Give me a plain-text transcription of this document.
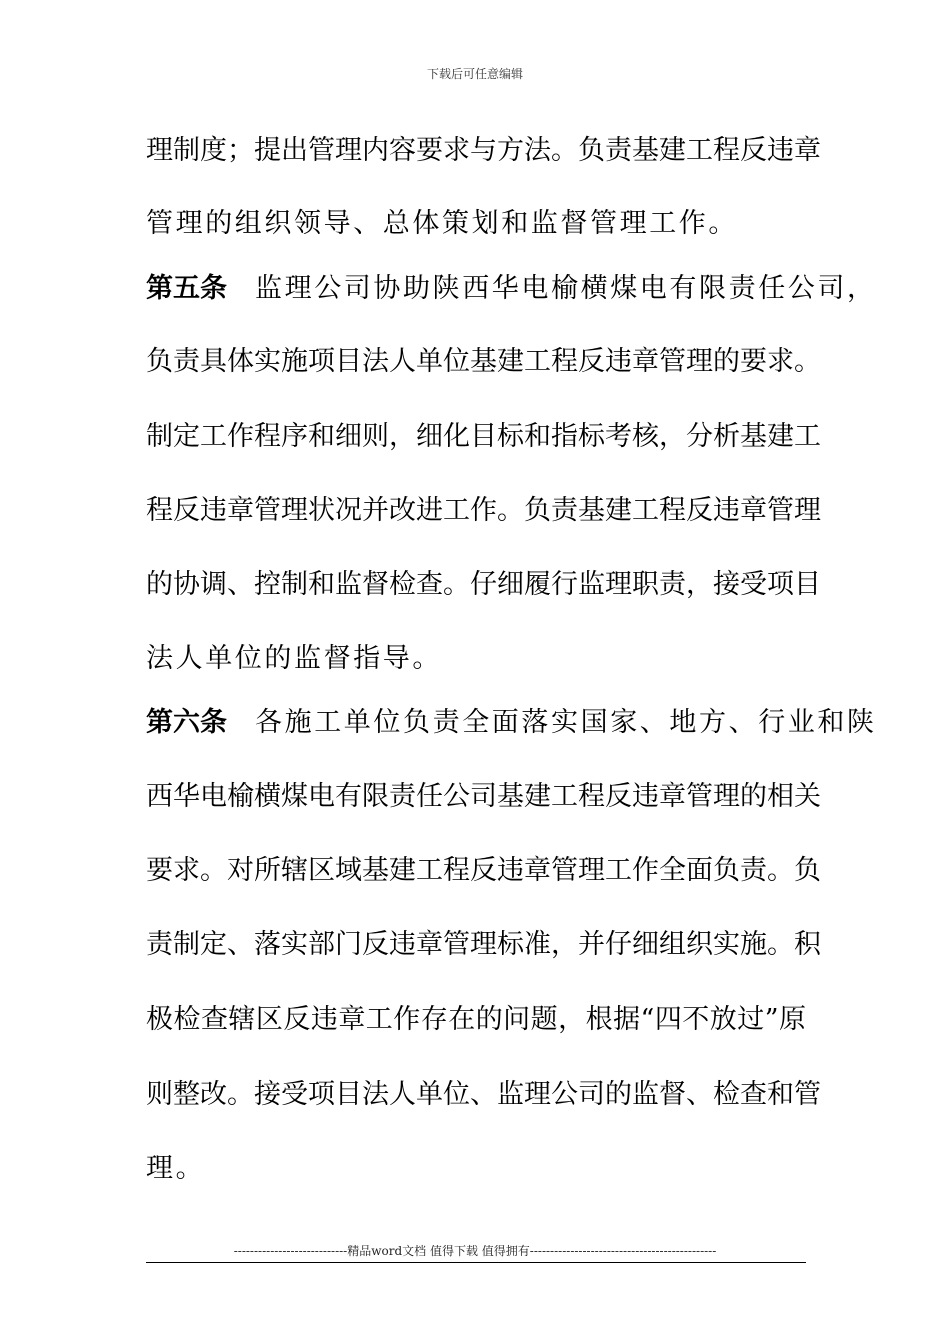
下载后可任意编辑
理制度；提出管理内容要求与方法。负责基建工程反违章
管理的组织领导、总体策划和监督管理工作。
第五条 监理公司协助陕西华电榆横煤电有限责任公司，
负责具体实施项目法人单位基建工程反违章管理的要求。
制定工作程序和细则，细化目标和指标考核，分析基建工
程反违章管理状况并改进工作。负责基建工程反违章管理
的协调、控制和监督检查。仔细履行监理职责，接受项目
法人单位的监督指导。
第六条 各施工单位负责全面落实国家、地方、行业和陕
西华电榆横煤电有限责任公司基建工程反违章管理的相关
要求。对所辖区域基建工程反违章管理工作全面负责。负
责制定、落实部门反违章管理标准，并仔细组织实施。积
极检查辖区反违章工作存在的问题，根据“四不放过”原
则整改。接受项目法人单位、监理公司的监督、检查和管
理。
----------------------------精品word文档 值得下载 值得拥有----------------------------------------------
